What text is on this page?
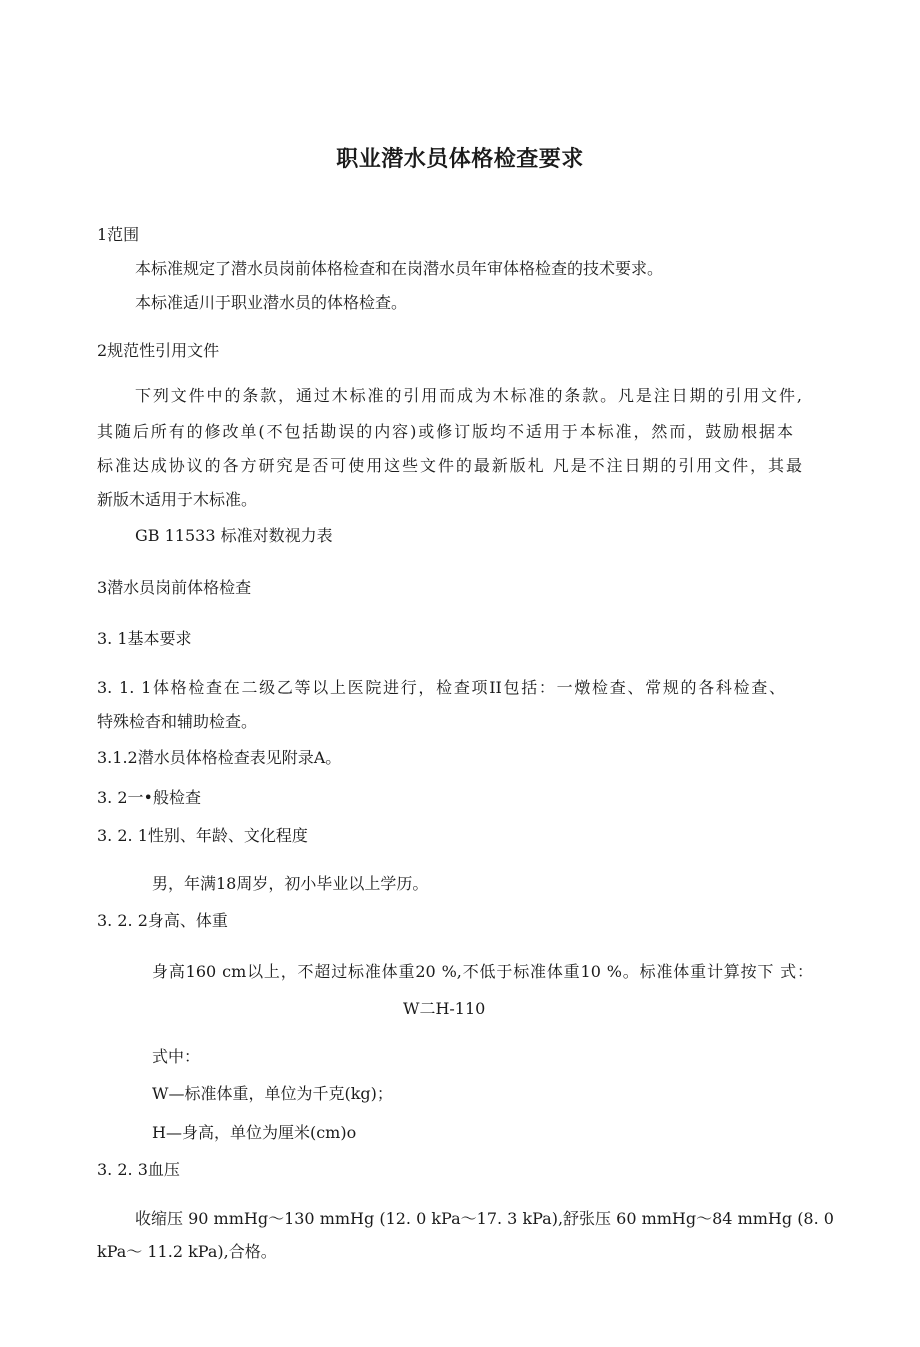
职业潜水员体格检查要求
1范围
本标准规定了潜水员岗前体格检查和在岗潜水员年审体格检查的技术要求。
本标准适川于职业潜水员的体格检查。
2规范性引用文件
下列文件中的条款，通过木标准的引用而成为木标准的条款。凡是注日期的引用文件,
其随后所有的修改单(不包括勘误的内容)或修订版均不适用于本标准，然而，鼓励根据本
标准达成协议的各方研究是否可使用这些文件的最新版札 凡是不注日期的引用文件，其最
新版木适用于木标准。
GB 11533 标准对数视力表
3潜水员岗前体格检查
3. 1基本要求
3. 1. 1体格检查在二级乙等以上医院进行，检查项II包括：一燉检查、常规的各科检查、
特殊检杳和辅助检查。
3.1.2潜水员体格检查表见附录A。
3. 2一•般检查
3. 2. 1性别、年龄、文化程度
男，年满18周岁，初小毕业以上学历。
3. 2. 2身高、体重
身高160 cm以上，不超过标准体重20 %,不低于标准体重10 %。标准体重计算按下 式：
W二H-110
式中：
W—标准体重，单位为千克(kg)；
H—身高，单位为厘米(cm)o
3. 2. 3血压
收缩压 90 mmHg～130 mmHg (12. 0 kPa～17. 3 kPa),舒张压 60 mmHg～84 mmHg (8. 0
kPa～ 11.2 kPa),合格。
